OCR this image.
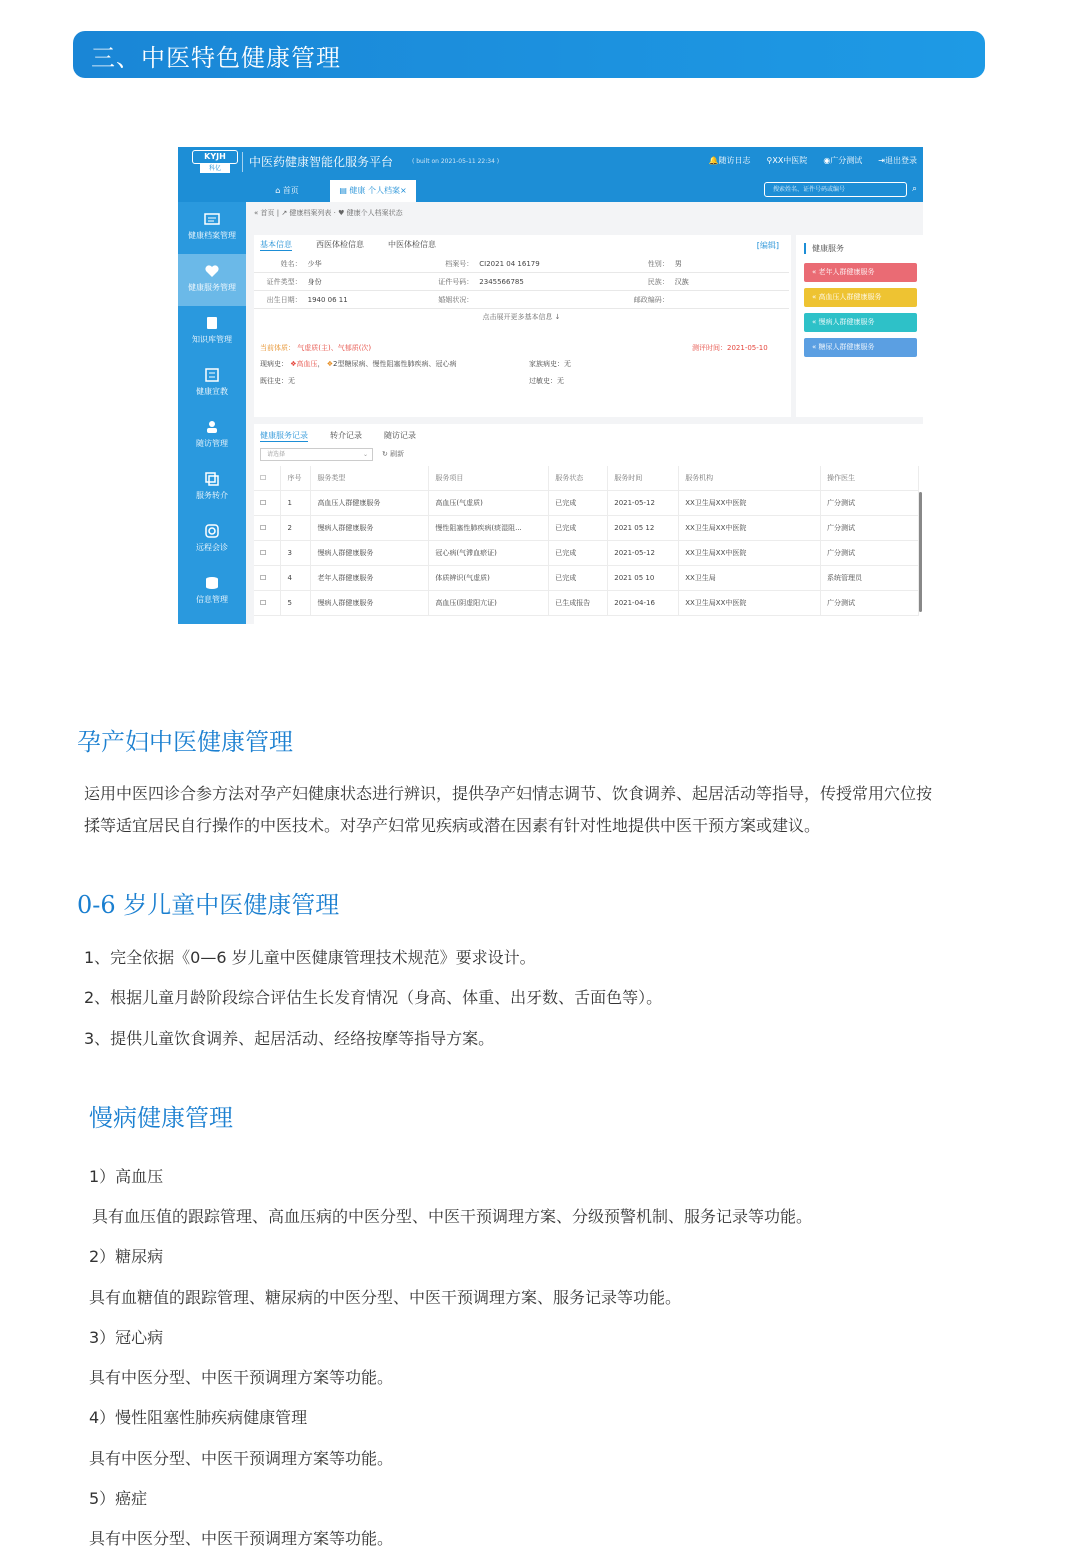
三、中医特色健康管理
KYJH
科亿	中医药健康智能化服务平台	( built on 2021-05-11 22:34 )	🔔随访日志 ⚲XX中医院 ◉广分测试 ⇥退出登录
⌂ 首页	▤ 健康 个人档案×	搜索姓名、证件号码或编号	⌕
健康档案管理
健康服务管理
知识库管理
健康宣教
随访管理
服务转介
远程会诊
信息管理
« 首页 | ↗ 健康档案列表 · ♥ 健康个人档案状态
基本信息	西医体检信息	中医体检信息	[编辑]
姓名： 少华	档案号： CI2021 04 16179	性别： 男
证件类型： 身份	证件号码： 2345566785	民族： 汉族
出生日期： 1940 06 11	婚姻状况：	邮政编码：
点击展开更多基本信息 ↓
当前体质： 气虚质(主)、气郁质(次)	测评时间：2021-05-10
现病史： ❖高血压， ❖2型糖尿病、慢性阻塞性肺疾病、冠心病	家族病史：无
既往史：无	过敏史：无
健康服务
« 老年人群健康服务
« 高血压人群健康服务
« 慢病人群健康服务
« 糖尿人群健康服务
健康服务记录	转介记录	随访记录
请选择	⌄ ↻ 刷新
☐	序号	服务类型	服务项目	服务状态	服务时间	服务机构	操作医生
☐	1	高血压人群健康服务	高血压(气虚质)	已完成	2021-05-12	XX卫生局XX中医院	广分测试
☐	2	慢病人群健康服务	慢性阻塞性肺疾病(痰湿阻...	已完成	2021 05 12	XX卫生局XX中医院	广分测试
☐	3	慢病人群健康服务	冠心病(气滞血瘀证)	已完成	2021-05-12	XX卫生局XX中医院	广分测试
☐	4	老年人群健康服务	体质辨识(气虚质)	已完成	2021 05 10	XX卫生局	系统管理员
☐	5	慢病人群健康服务	高血压(阴虚阳亢证)	已生成报告	2021-04-16	XX卫生局XX中医院	广分测试
孕产妇中医健康管理
运用中医四诊合参方法对孕产妇健康状态进行辨识，提供孕产妇情志调节、饮食调养、起居活动等指导，传授常用穴位按
揉等适宜居民自行操作的中医技术。对孕产妇常见疾病或潜在因素有针对性地提供中医干预方案或建议。
0-6 岁儿童中医健康管理
1、完全依据《0—6 岁儿童中医健康管理技术规范》要求设计。
2、根据儿童月龄阶段综合评估生长发育情况（身高、体重、出牙数、舌面色等）。
3、提供儿童饮食调养、起居活动、经络按摩等指导方案。
慢病健康管理
1）高血压
具有血压值的跟踪管理、高血压病的中医分型、中医干预调理方案、分级预警机制、服务记录等功能。
2）糖尿病
具有血糖值的跟踪管理、糖尿病的中医分型、中医干预调理方案、服务记录等功能。
3）冠心病
具有中医分型、中医干预调理方案等功能。
4）慢性阻塞性肺疾病健康管理
具有中医分型、中医干预调理方案等功能。
5）癌症
具有中医分型、中医干预调理方案等功能。
